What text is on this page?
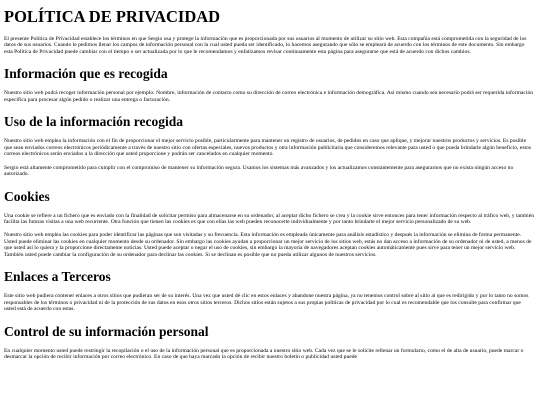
POLÍTICA DE PRIVACIDAD

El presente Política de Privacidad establece los términos en que Sergio usa y protege la información que es proporcionada por sus usuarios al momento de utilizar su sitio web. Esta compañía está comprometida con la seguridad de los datos de sus usuarios. Cuando le pedimos llenar los campos de información personal con la cual usted pueda ser identificado, lo hacemos asegurando que sólo se empleará de acuerdo con los términos de este documento. Sin embargo esta Política de Privacidad puede cambiar con el tiempo o ser actualizada por lo que le recomendamos y enfatizamos revisar continuamente esta página para asegurarse que está de acuerdo con dichos cambios.

Información que es recogida

Nuestro sitio web podrá recoger información personal por ejemplo: Nombre, información de contacto como su dirección de correo electrónica e información demográfica. Así mismo cuando sea necesario podrá ser requerida información específica para procesar algún pedido o realizar una entrega o facturación.

Uso de la información recogida

Nuestro sitio web emplea la información con el fin de proporcionar el mejor servicio posible, particularmente para mantener un registro de usuarios, de pedidos en caso que aplique, y mejorar nuestros productos y servicios. Es posible que sean enviados correos electrónicos periódicamente a través de nuestro sitio con ofertas especiales, nuevos productos y otra información publicitaria que consideremos relevante para usted o que pueda brindarle algún beneficio, estos correos electrónicos serán enviados a la dirección que usted proporcione y podrán ser cancelados en cualquier momento.

Sergio está altamente comprometido para cumplir con el compromiso de mantener su información segura. Usamos los sistemas más avanzados y los actualizamos constantemente para asegurarnos que no exista ningún acceso no autorizado.

Cookies

Una cookie se refiere a un fichero que es enviado con la finalidad de solicitar permiso para almacenarse en su ordenador, al aceptar dicho fichero se crea y la cookie sirve entonces para tener información respecto al tráfico web, y también facilita las futuras visitas a una web recurrente. Otra función que tienen las cookies es que con ellas las web pueden reconocerte individualmente y por tanto brindarte el mejor servicio personalizado de su web.

Nuestro sitio web emplea las cookies para poder identificar las páginas que son visitadas y su frecuencia. Esta información es empleada únicamente para análisis estadístico y después la información se elimina de forma permanente. Usted puede eliminar las cookies en cualquier momento desde su ordenador. Sin embargo las cookies ayudan a proporcionar un mejor servicio de los sitios web, estás no dan acceso a información de su ordenador ni de usted, a menos de que usted así lo quiera y la proporcione directamente noticias. Usted puede aceptar o negar el uso de cookies, sin embargo la mayoría de navegadores aceptan cookies automáticamente pues sirve para tener un mejor servicio web. También usted puede cambiar la configuración de su ordenador para declinar las cookies. Si se declinan es posible que no pueda utilizar algunos de nuestros servicios.

Enlaces a Terceros

Este sitio web pudiera contener enlaces a otros sitios que pudieran ser de su interés. Una vez que usted dé clic en estos enlaces y abandone nuestra página, ya no tenemos control sobre al sitio al que es redirigido y por lo tanto no somos responsables de los términos o privacidad ni de la protección de sus datos en esos otros sitios terceros. Dichos sitios están sujetos a sus propias políticas de privacidad por lo cual es recomendable que los consulte para confirmar que usted está de acuerdo con estas.

Control de su información personal

En cualquier momento usted puede restringir la recopilación o el uso de la información personal que es proporcionada a nuestro sitio web. Cada vez que se le solicite rellenar un formulario, como el de alta de usuario, puede marcar o desmarcar la opción de recibir información por correo electrónico. En caso de que haya marcado la opción de recibir nuestro boletín o publicidad usted puede
